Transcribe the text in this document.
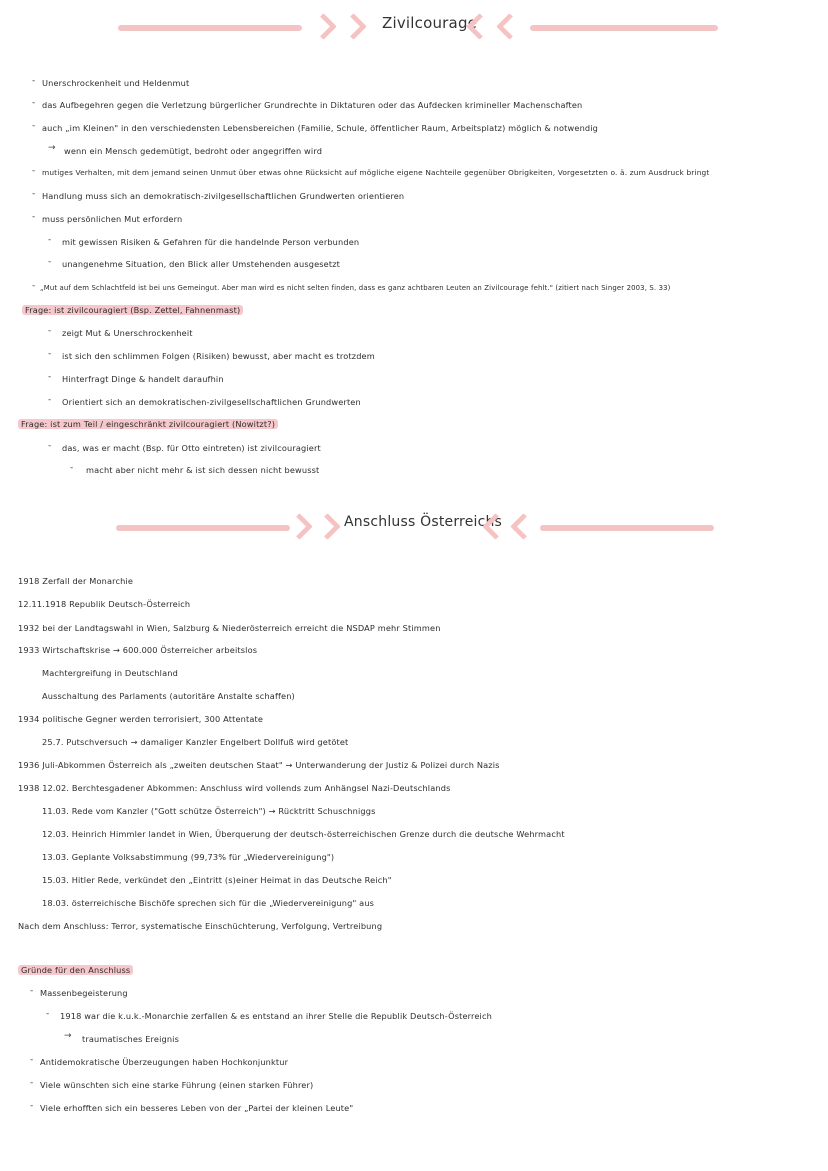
Zivilcourage
- Unerschrockenheit und Heldenmut
- das Aufbegehren gegen die Verletzung bürgerlicher Grundrechte in Diktaturen oder das Aufdecken krimineller Machenschaften
- auch „im Kleinen" in den verschiedensten Lebensbereichen (Familie, Schule, öffentlicher Raum, Arbeitsplatz) möglich & notwendig
→ wenn ein Mensch gedemütigt, bedroht oder angegriffen wird
- mutiges Verhalten, mit dem jemand seinen Unmut über etwas ohne Rücksicht auf mögliche eigene Nachteile gegenüber Obrigkeiten, Vorgesetzten o. ä. zum Ausdruck bringt
- Handlung muss sich an demokratisch-zivilgesellschaftlichen Grundwerten orientieren
- muss persönlichen Mut erfordern
- mit gewissen Risiken & Gefahren für die handelnde Person verbunden
- unangenehme Situation, den Blick aller Umstehenden ausgesetzt
- „Mut auf dem Schlachtfeld ist bei uns Gemeingut. Aber man wird es nicht selten finden, dass es ganz achtbaren Leuten an Zivilcourage fehlt." (zitiert nach Singer 2003, S. 33)
Frage: ist zivilcouragiert (Bsp. Zettel, Fahnenmast)
- zeigt Mut & Unerschrockenheit
- ist sich den schlimmen Folgen (Risiken) bewusst, aber macht es trotzdem
- Hinterfragt Dinge & handelt daraufhin
- Orientiert sich an demokratischen-zivilgesellschaftlichen Grundwerten
Frage: ist zum Teil / eingeschränkt zivilcouragiert (Nowitzt?)
- das, was er macht (Bsp. für Otto eintreten) ist zivilcouragiert
- macht aber nicht mehr & ist sich dessen nicht bewusst
Anschluss Österreichs
1918 Zerfall der Monarchie
12.11.1918 Republik Deutsch-Österreich
1932 bei der Landtagswahl in Wien, Salzburg & Niederösterreich erreicht die NSDAP mehr Stimmen
1933 Wirtschaftskrise → 600.000 Österreicher arbeitslos
Machtergreifung in Deutschland
Ausschaltung des Parlaments (autoritäre Anstalte schaffen)
1934 politische Gegner werden terrorisiert, 300 Attentate
25.7. Putschversuch → damaliger Kanzler Engelbert Dollfuß wird getötet
1936 Juli-Abkommen Österreich als „zweiten deutschen Staat" → Unterwanderung der Justiz & Polizei durch Nazis
1938 12.02. Berchtesgadener Abkommen: Anschluss wird vollends zum Anhängsel Nazi-Deutschlands
11.03. Rede vom Kanzler ("Gott schütze Österreich") → Rücktritt Schuschniggs
12.03. Heinrich Himmler landet in Wien, Überquerung der deutsch-österreichischen Grenze durch die deutsche Wehrmacht
13.03. Geplante Volksabstimmung (99,73% für „Wiedervereinigung")
15.03. Hitler Rede, verkündet den „Eintritt (s)einer Heimat in das Deutsche Reich"
18.03. österreichische Bischöfe sprechen sich für die „Wiedervereinigung" aus
Nach dem Anschluss: Terror, systematische Einschüchterung, Verfolgung, Vertreibung
Gründe für den Anschluss
- Massenbegeisterung
- 1918 war die k.u.k.-Monarchie zerfallen & es entstand an ihrer Stelle die Republik Deutsch-Österreich
→ traumatisches Ereignis
- Antidemokratische Überzeugungen haben Hochkonjunktur
- Viele wünschten sich eine starke Führung (einen starken Führer)
- Viele erhofften sich ein besseres Leben von der „Partei der kleinen Leute"
